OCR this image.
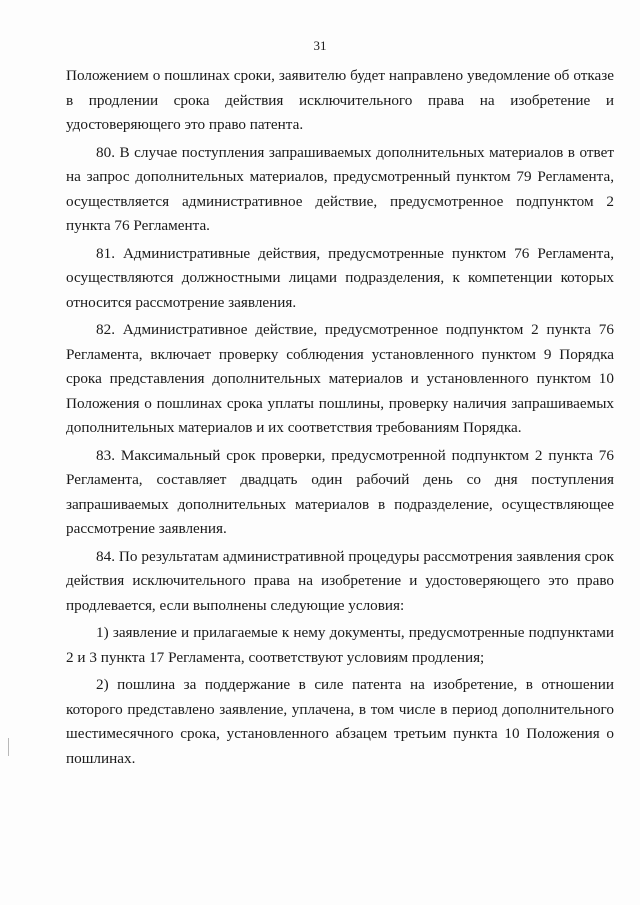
31

Положением о пошлинах сроки, заявителю будет направлено уведомление об отказе в продлении срока действия исключительного права на изобретение и удостоверяющего это право патента.

80. В случае поступления запрашиваемых дополнительных материалов в ответ на запрос дополнительных материалов, предусмотренный пунктом 79 Регламента, осуществляется административное действие, предусмотренное подпунктом 2 пункта 76 Регламента.

81. Административные действия, предусмотренные пунктом 76 Регламента, осуществляются должностными лицами подразделения, к компетенции которых относится рассмотрение заявления.

82. Административное действие, предусмотренное подпунктом 2 пункта 76 Регламента, включает проверку соблюдения установленного пунктом 9 Порядка срока представления дополнительных материалов и установленного пунктом 10 Положения о пошлинах срока уплаты пошлины, проверку наличия запрашиваемых дополнительных материалов и их соответствия требованиям Порядка.

83. Максимальный срок проверки, предусмотренной подпунктом 2 пункта 76 Регламента, составляет двадцать один рабочий день со дня поступления запрашиваемых дополнительных материалов в подразделение, осуществляющее рассмотрение заявления.

84. По результатам административной процедуры рассмотрения заявления срок действия исключительного права на изобретение и удостоверяющего это право продлевается, если выполнены следующие условия:

1) заявление и прилагаемые к нему документы, предусмотренные подпунктами 2 и 3 пункта 17 Регламента, соответствуют условиям продления;

2) пошлина за поддержание в силе патента на изобретение, в отношении которого представлено заявление, уплачена, в том числе в период дополнительного шестимесячного срока, установленного абзацем третьим пункта 10 Положения о пошлинах.
